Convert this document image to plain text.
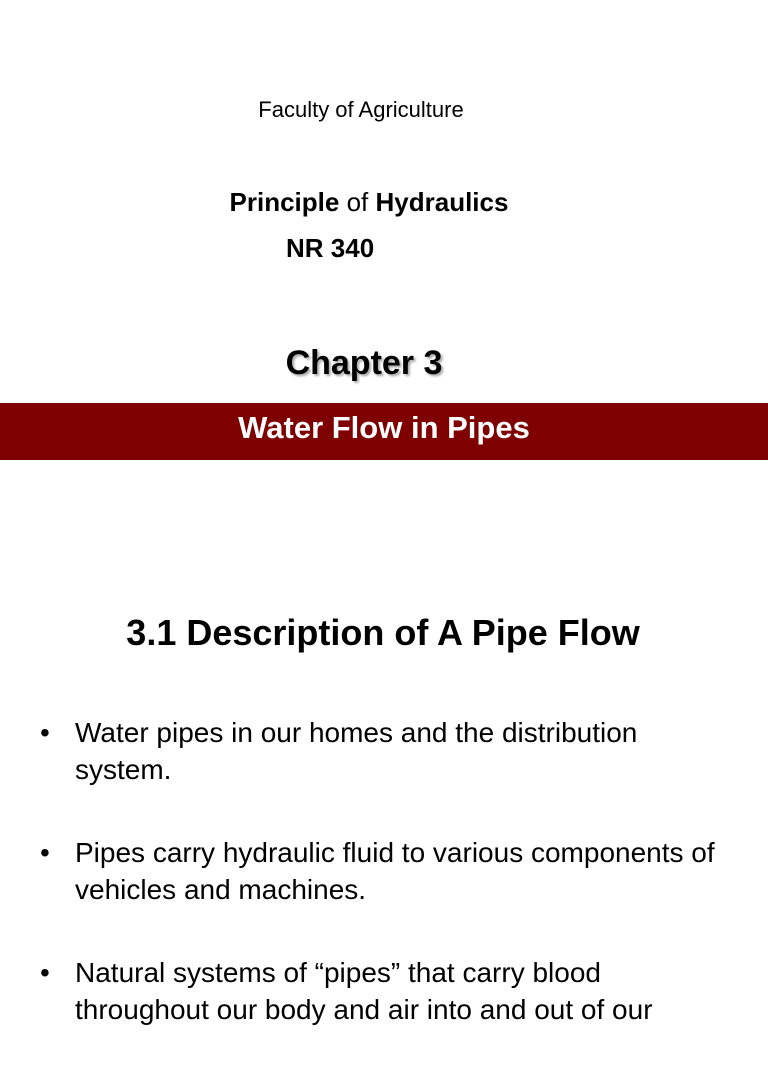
Faculty of Agriculture
Principle of Hydraulics
NR 340
Chapter 3
Water Flow in Pipes
3.1 Description of A Pipe Flow
• Water pipes in our homes and the distribution system.
• Pipes carry hydraulic fluid to various components of vehicles and machines.
• Natural systems of “pipes” that carry blood throughout our body and air into and out of our
